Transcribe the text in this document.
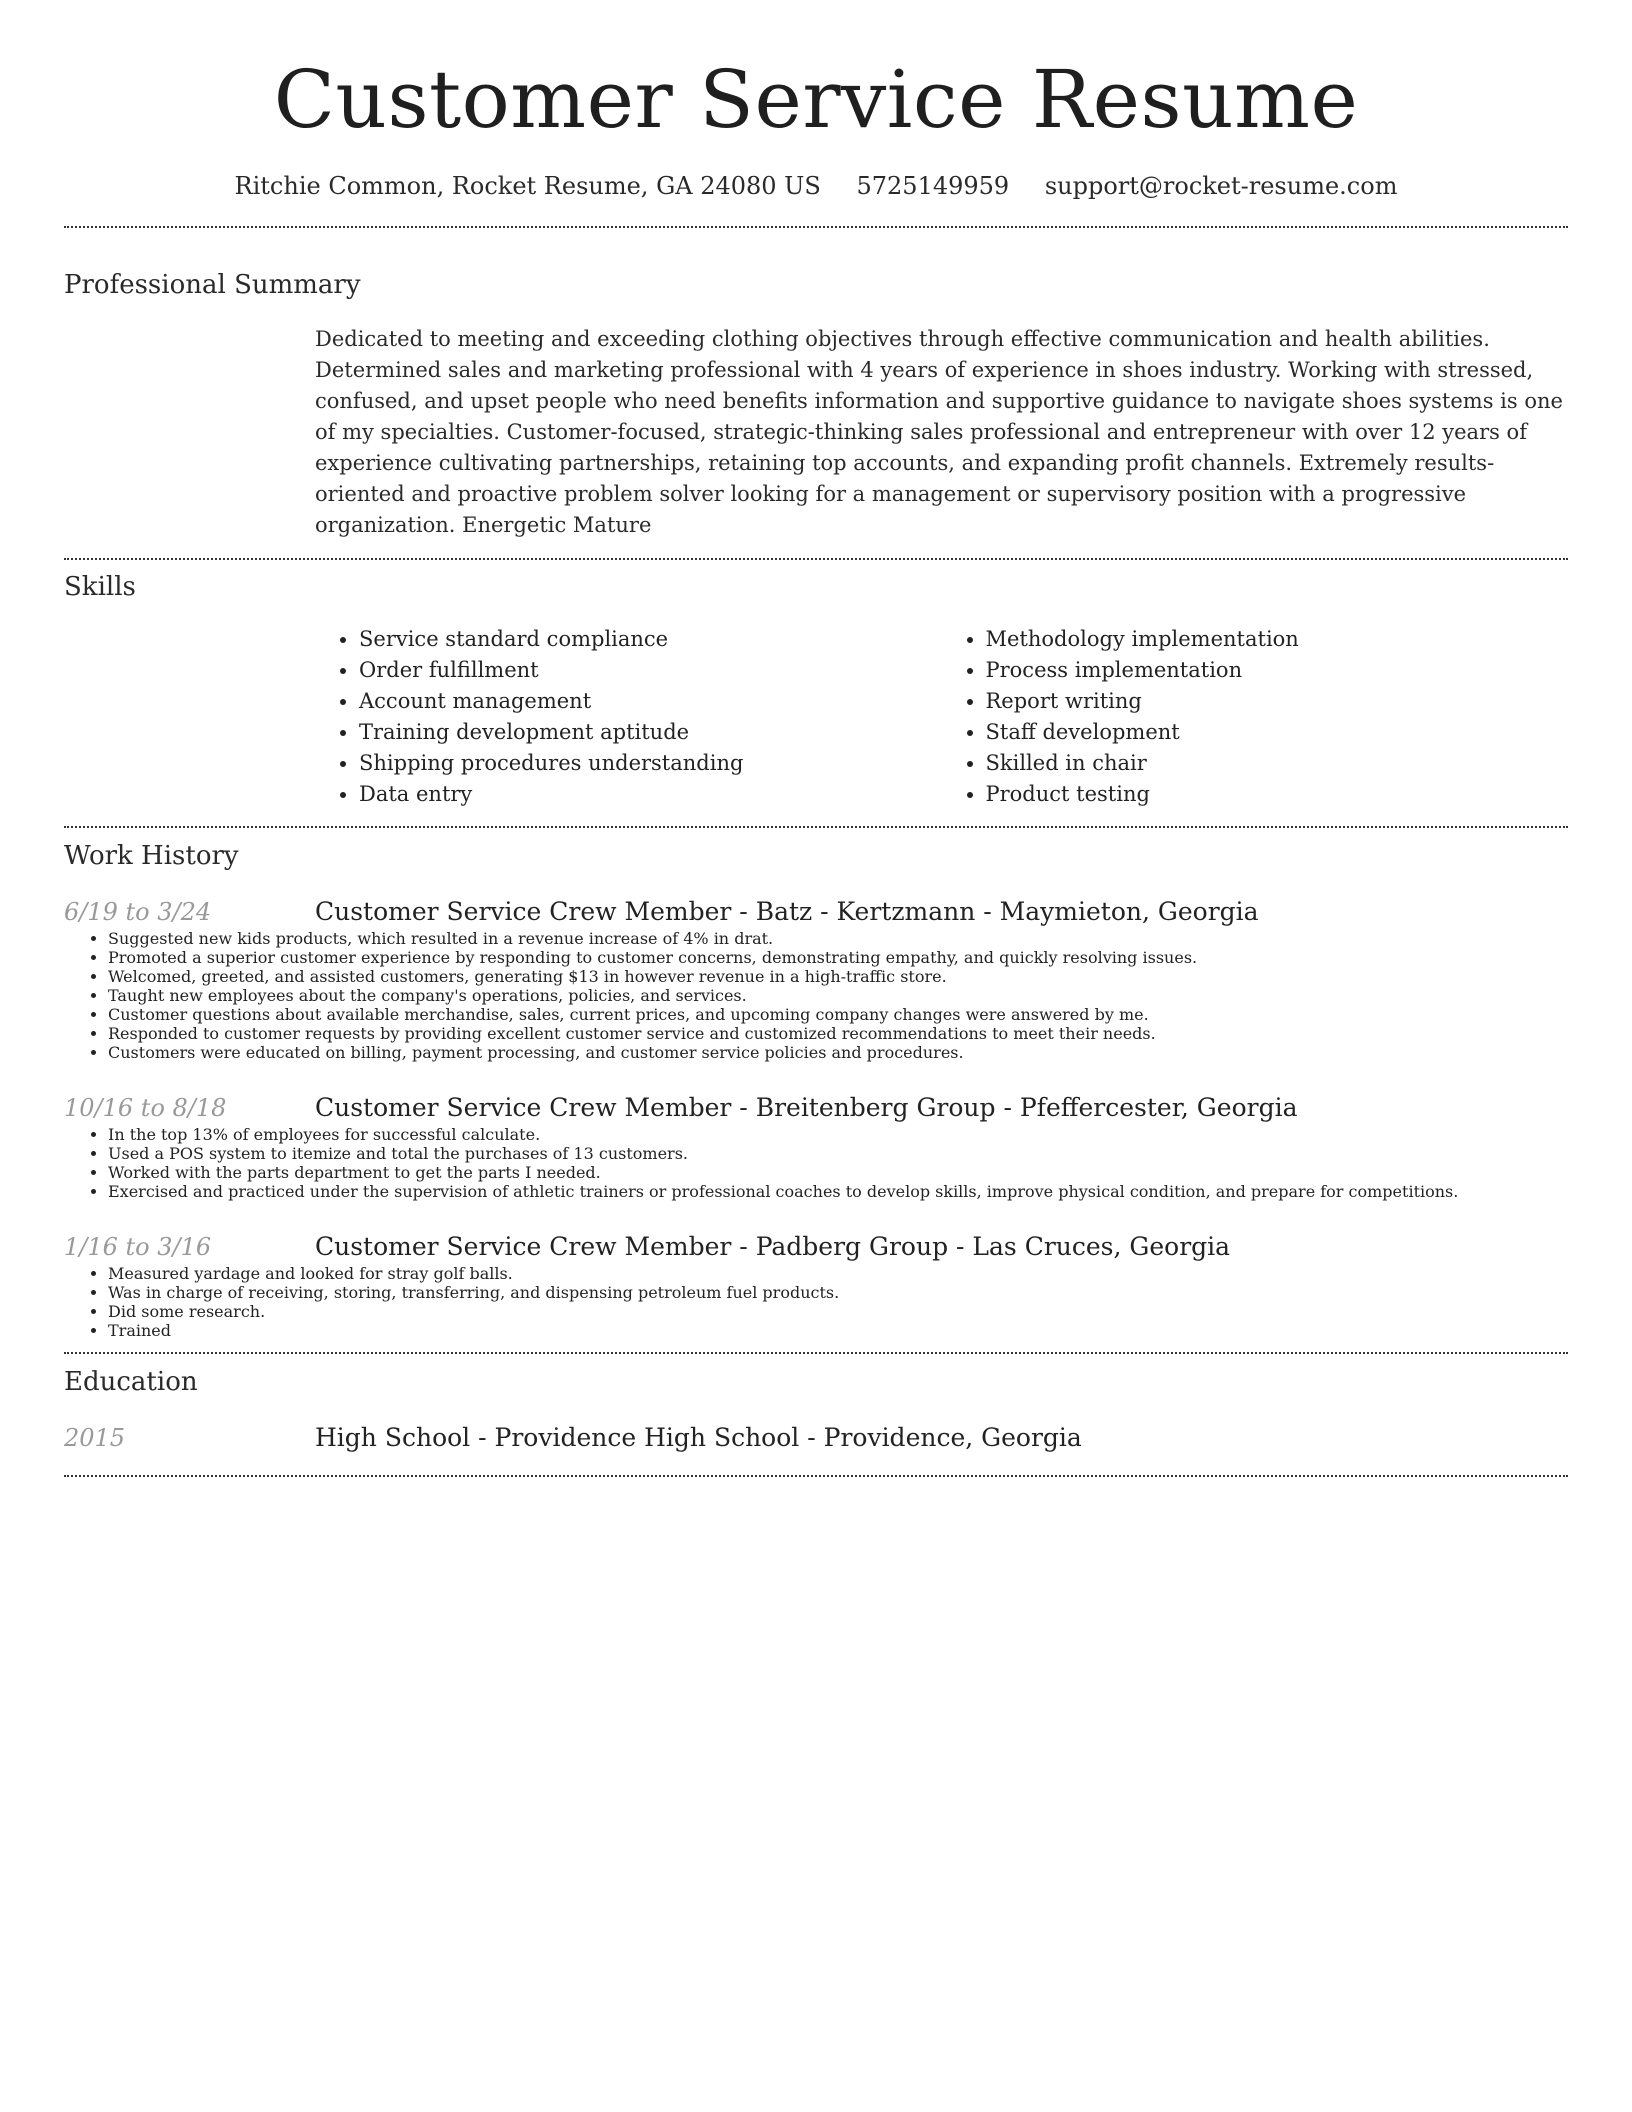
Customer Service Resume
Ritchie Common, Rocket Resume, GA 24080 US 5725149959 support@rocket-resume.com
Professional Summary
Dedicated to meeting and exceeding clothing objectives through effective communication and health abilities. Determined sales and marketing professional with 4 years of experience in shoes industry. Working with stressed, confused, and upset people who need benefits information and supportive guidance to navigate shoes systems is one of my specialties. Customer-focused, strategic-thinking sales professional and entrepreneur with over 12 years of experience cultivating partnerships, retaining top accounts, and expanding profit channels. Extremely results-oriented and proactive problem solver looking for a management or supervisory position with a progressive organization. Energetic Mature
Skills
• Service standard compliance
• Order fulfillment
• Account management
• Training development aptitude
• Shipping procedures understanding
• Data entry
• Methodology implementation
• Process implementation
• Report writing
• Staff development
• Skilled in chair
• Product testing
Work History
6/19 to 3/24	Customer Service Crew Member - Batz - Kertzmann - Maymieton, Georgia
• Suggested new kids products, which resulted in a revenue increase of 4% in drat.
• Promoted a superior customer experience by responding to customer concerns, demonstrating empathy, and quickly resolving issues.
• Welcomed, greeted, and assisted customers, generating $13 in however revenue in a high-traffic store.
• Taught new employees about the company's operations, policies, and services.
• Customer questions about available merchandise, sales, current prices, and upcoming company changes were answered by me.
• Responded to customer requests by providing excellent customer service and customized recommendations to meet their needs.
• Customers were educated on billing, payment processing, and customer service policies and procedures.
10/16 to 8/18	Customer Service Crew Member - Breitenberg Group - Pfeffercester, Georgia
• In the top 13% of employees for successful calculate.
• Used a POS system to itemize and total the purchases of 13 customers.
• Worked with the parts department to get the parts I needed.
• Exercised and practiced under the supervision of athletic trainers or professional coaches to develop skills, improve physical condition, and prepare for competitions.
1/16 to 3/16	Customer Service Crew Member - Padberg Group - Las Cruces, Georgia
• Measured yardage and looked for stray golf balls.
• Was in charge of receiving, storing, transferring, and dispensing petroleum fuel products.
• Did some research.
• Trained
Education
2015	High School - Providence High School - Providence, Georgia
